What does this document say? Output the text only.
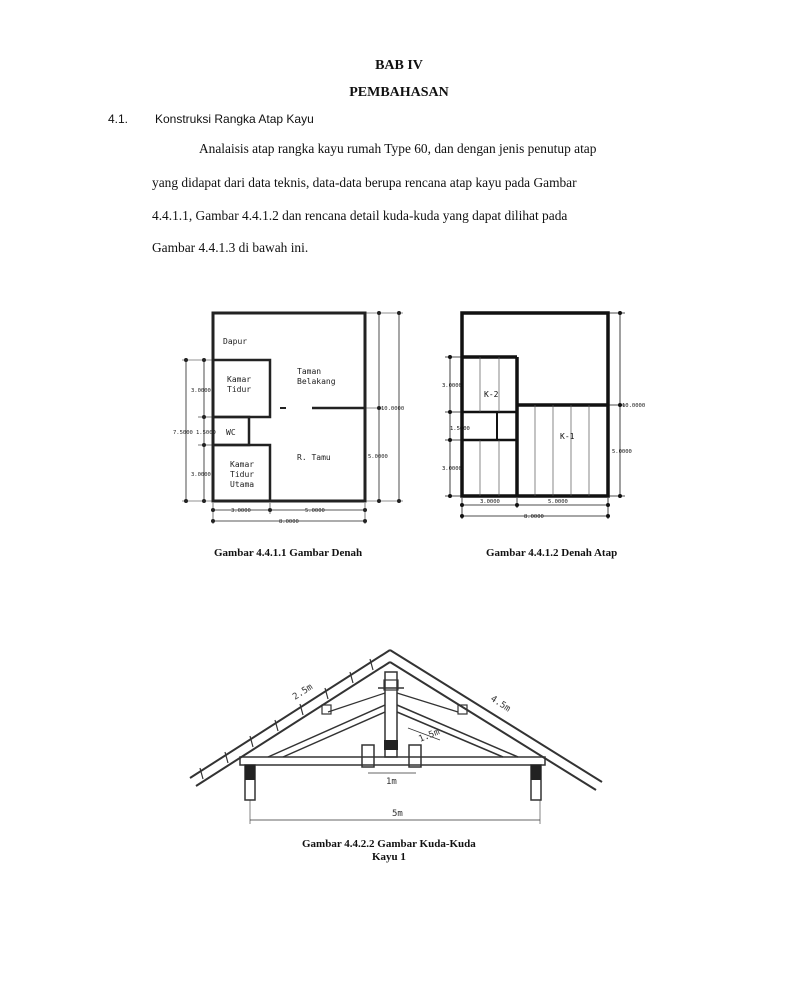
BAB IV
PEMBAHASAN
4.1. Konstruksi Rangka Atap Kayu
Analaisis atap rangka kayu rumah Type 60, dan dengan jenis penutup atap
yang didapat dari data teknis, data-data berupa rencana atap kayu pada Gambar
4.4.1.1, Gambar 4.4.1.2 dan rencana detail kuda-kuda yang dapat dilihat pada
Gambar 4.4.1.3 di bawah ini.
Dapur
Kamar
Tidur
Taman
Belakang
WC
R. Tamu
Kamar
Tidur
Utama
3.0000
7.5000 1.5000
3.0000
10.0000
5.0000
3.0000	5.0000
8.0000
K-2
K-1
3.0000
1.5000
3.0000
10.0000
5.0000
3.0000	5.0000
8.0000
Gambar 4.4.1.1 Gambar Denah	Gambar 4.4.1.2 Denah Atap
2.5m
4.5m
1.5m
1m
5m
Gambar 4.4.2.2 Gambar Kuda-Kuda
Kayu 1
